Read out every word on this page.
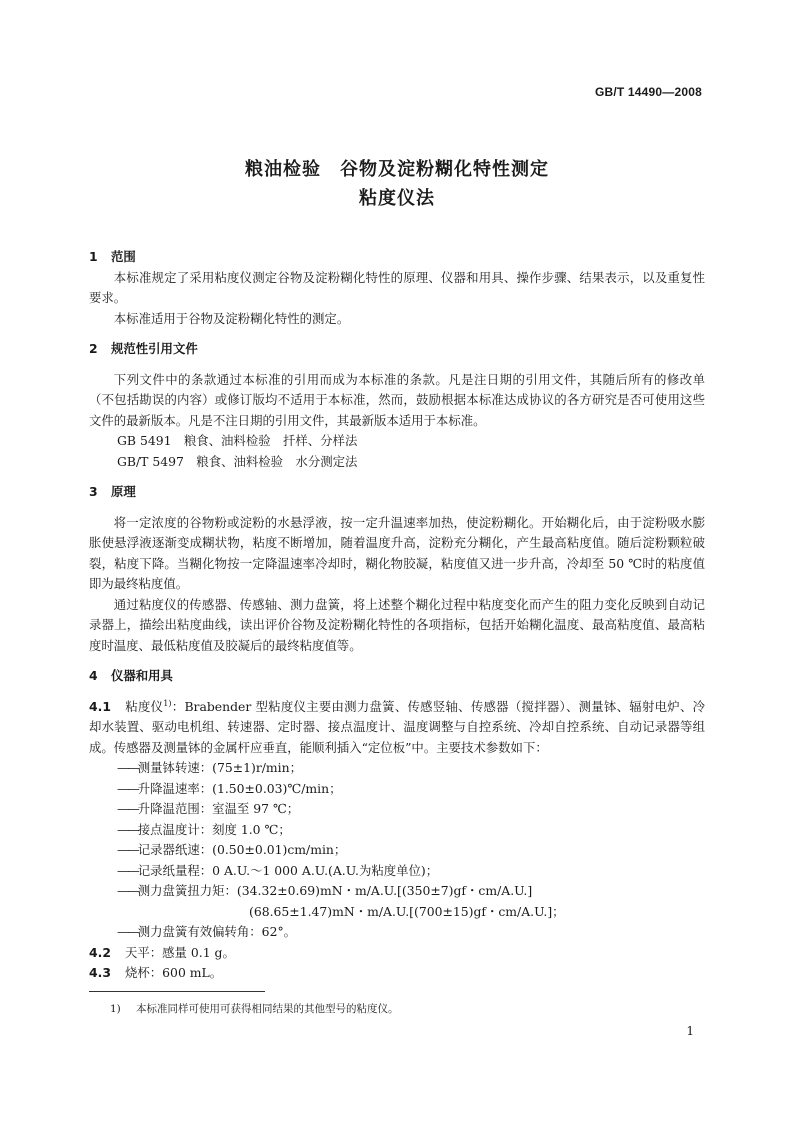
GB/T 14490—2008
粮油检验　谷物及淀粉糊化特性测定
粘度仪法
1 范围
本标准规定了采用粘度仪测定谷物及淀粉糊化特性的原理、仪器和用具、操作步骤、结果表示，以及重复性要求。
本标准适用于谷物及淀粉糊化特性的测定。
2 规范性引用文件
下列文件中的条款通过本标准的引用而成为本标准的条款。凡是注日期的引用文件，其随后所有的修改单（不包括勘误的内容）或修订版均不适用于本标准，然而，鼓励根据本标准达成协议的各方研究是否可使用这些文件的最新版本。凡是不注日期的引用文件，其最新版本适用于本标准。
GB 5491　粮食、油料检验　扦样、分样法
GB/T 5497　粮食、油料检验　水分测定法
3 原理
将一定浓度的谷物粉或淀粉的水悬浮液，按一定升温速率加热，使淀粉糊化。开始糊化后，由于淀粉吸水膨胀使悬浮液逐渐变成糊状物，粘度不断增加，随着温度升高，淀粉充分糊化，产生最高粘度值。随后淀粉颗粒破裂，粘度下降。当糊化物按一定降温速率冷却时，糊化物胶凝，粘度值又进一步升高，冷却至 50 ℃时的粘度值即为最终粘度值。
通过粘度仪的传感器、传感轴、测力盘簧，将上述整个糊化过程中粘度变化而产生的阻力变化反映到自动记录器上，描绘出粘度曲线，读出评价谷物及淀粉糊化特性的各项指标，包括开始糊化温度、最高粘度值、最高粘度时温度、最低粘度值及胶凝后的最终粘度值等。
4 仪器和用具
4.1 粘度仪$^{1)}$：Brabender 型粘度仪主要由测力盘簧、传感竖轴、传感器（搅拌器）、测量钵、辐射电炉、冷却水装置、驱动电机组、转速器、定时器、接点温度计、温度调整与自控系统、冷却自控系统、自动记录器等组成。传感器及测量钵的金属杆应垂直，能顺利插入“定位板”中。主要技术参数如下：
——测量钵转速：(75±1)r/min；
——升降温速率：(1.50±0.03)℃/min；
——升降温范围：室温至 97 ℃；
——接点温度计：刻度 1.0 ℃；
——记录器纸速：(0.50±0.01)cm/min；
——记录纸量程：0 A.U.～1 000 A.U.(A.U.为粘度单位)；
——测力盘簧扭力矩：(34.32±0.69)mN・m/A.U.[(350±7)gf・cm/A.U.]
(68.65±1.47)mN・m/A.U.[(700±15)gf・cm/A.U.]；
——测力盘簧有效偏转角：62°。
4.2 天平：感量 0.1 g。
4.3 烧杯：600 mL。
1) 本标准同样可使用可获得相同结果的其他型号的粘度仪。
1
